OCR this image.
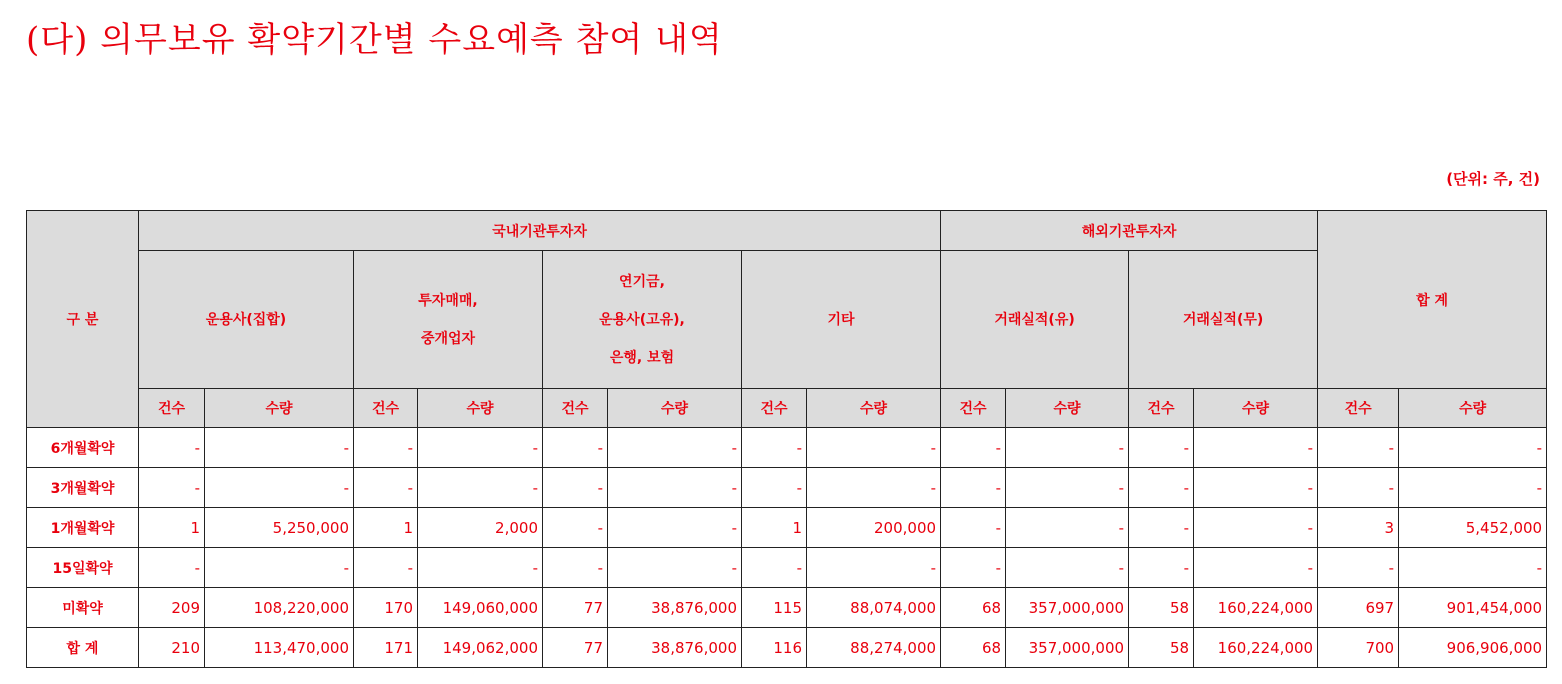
(다) 의무보유 확약기간별 수요예측 참여 내역
(단위: 주, 건)
구 분	국내기관투자자								해외기관투자자				합 계	

	운용사(집합)		투자매매,
중개업자		연기금,
운용사(고유),
은행, 보험		기타		거래실적(유)		거래실적(무)			

	건수	수량	건수	수량	건수	수량	건수	수량	건수	수량	건수	수량	건수	수량
6개월확약	-	-	-	-	-	-	-	-	-	-	-	-	-	-
3개월확약	-	-	-	-	-	-	-	-	-	-	-	-	-	-
1개월확약	1	5,250,000	1	2,000	-	-	1	200,000	-	-	-	-	3	5,452,000
15일확약	-	-	-	-	-	-	-	-	-	-	-	-	-	-
미확약	209	108,220,000	170	149,060,000	77	38,876,000	115	88,074,000	68	357,000,000	58	160,224,000	697	901,454,000
합 계	210	113,470,000	171	149,062,000	77	38,876,000	116	88,274,000	68	357,000,000	58	160,224,000	700	906,906,000
